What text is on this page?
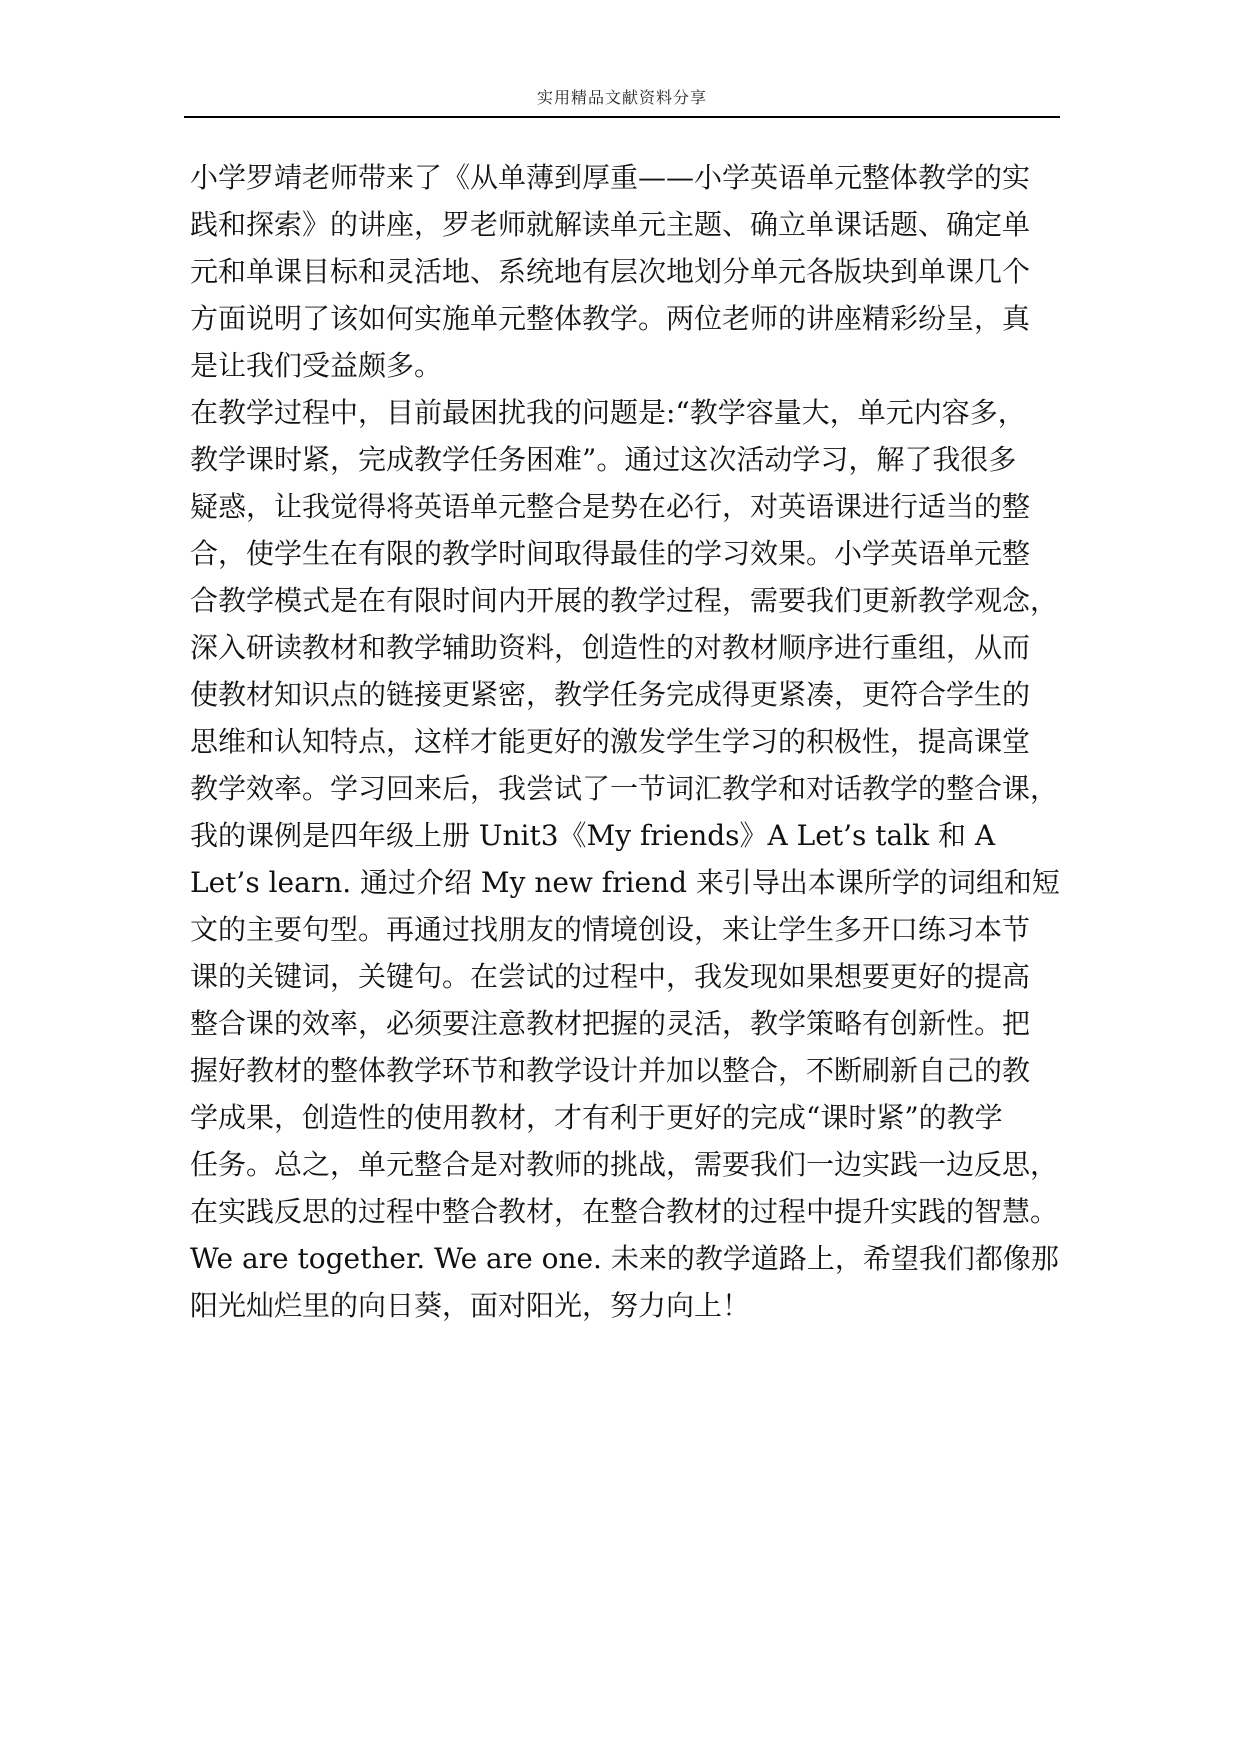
实用精品文献资料分享
小学罗靖老师带来了《从单薄到厚重——小学英语单元整体教学的实
践和探索》的讲座，罗老师就解读单元主题、确立单课话题、确定单
元和单课目标和灵活地、系统地有层次地划分单元各版块到单课几个
方面说明了该如何实施单元整体教学。两位老师的讲座精彩纷呈，真
是让我们受益颇多。
在教学过程中，目前最困扰我的问题是:“教学容量大，单元内容多，
教学课时紧，完成教学任务困难”。通过这次活动学习，解了我很多
疑惑，让我觉得将英语单元整合是势在必行，对英语课进行适当的整
合，使学生在有限的教学时间取得最佳的学习效果。小学英语单元整
合教学模式是在有限时间内开展的教学过程，需要我们更新教学观念，
深入研读教材和教学辅助资料，创造性的对教材顺序进行重组，从而
使教材知识点的链接更紧密，教学任务完成得更紧凑，更符合学生的
思维和认知特点，这样才能更好的激发学生学习的积极性，提高课堂
教学效率。学习回来后，我尝试了一节词汇教学和对话教学的整合课，
我的课例是四年级上册 Unit3《My friends》A Let’s talk 和 A
Let’s learn. 通过介绍 My new friend 来引导出本课所学的词组和短
文的主要句型。再通过找朋友的情境创设，来让学生多开口练习本节
课的关键词，关键句。在尝试的过程中，我发现如果想要更好的提高
整合课的效率，必须要注意教材把握的灵活，教学策略有创新性。把
握好教材的整体教学环节和教学设计并加以整合，不断刷新自己的教
学成果，创造性的使用教材，才有利于更好的完成“课时紧”的教学
任务。总之，单元整合是对教师的挑战，需要我们一边实践一边反思，
在实践反思的过程中整合教材，在整合教材的过程中提升实践的智慧。
We are together. We are one. 未来的教学道路上，希望我们都像那
阳光灿烂里的向日葵，面对阳光，努力向上！
